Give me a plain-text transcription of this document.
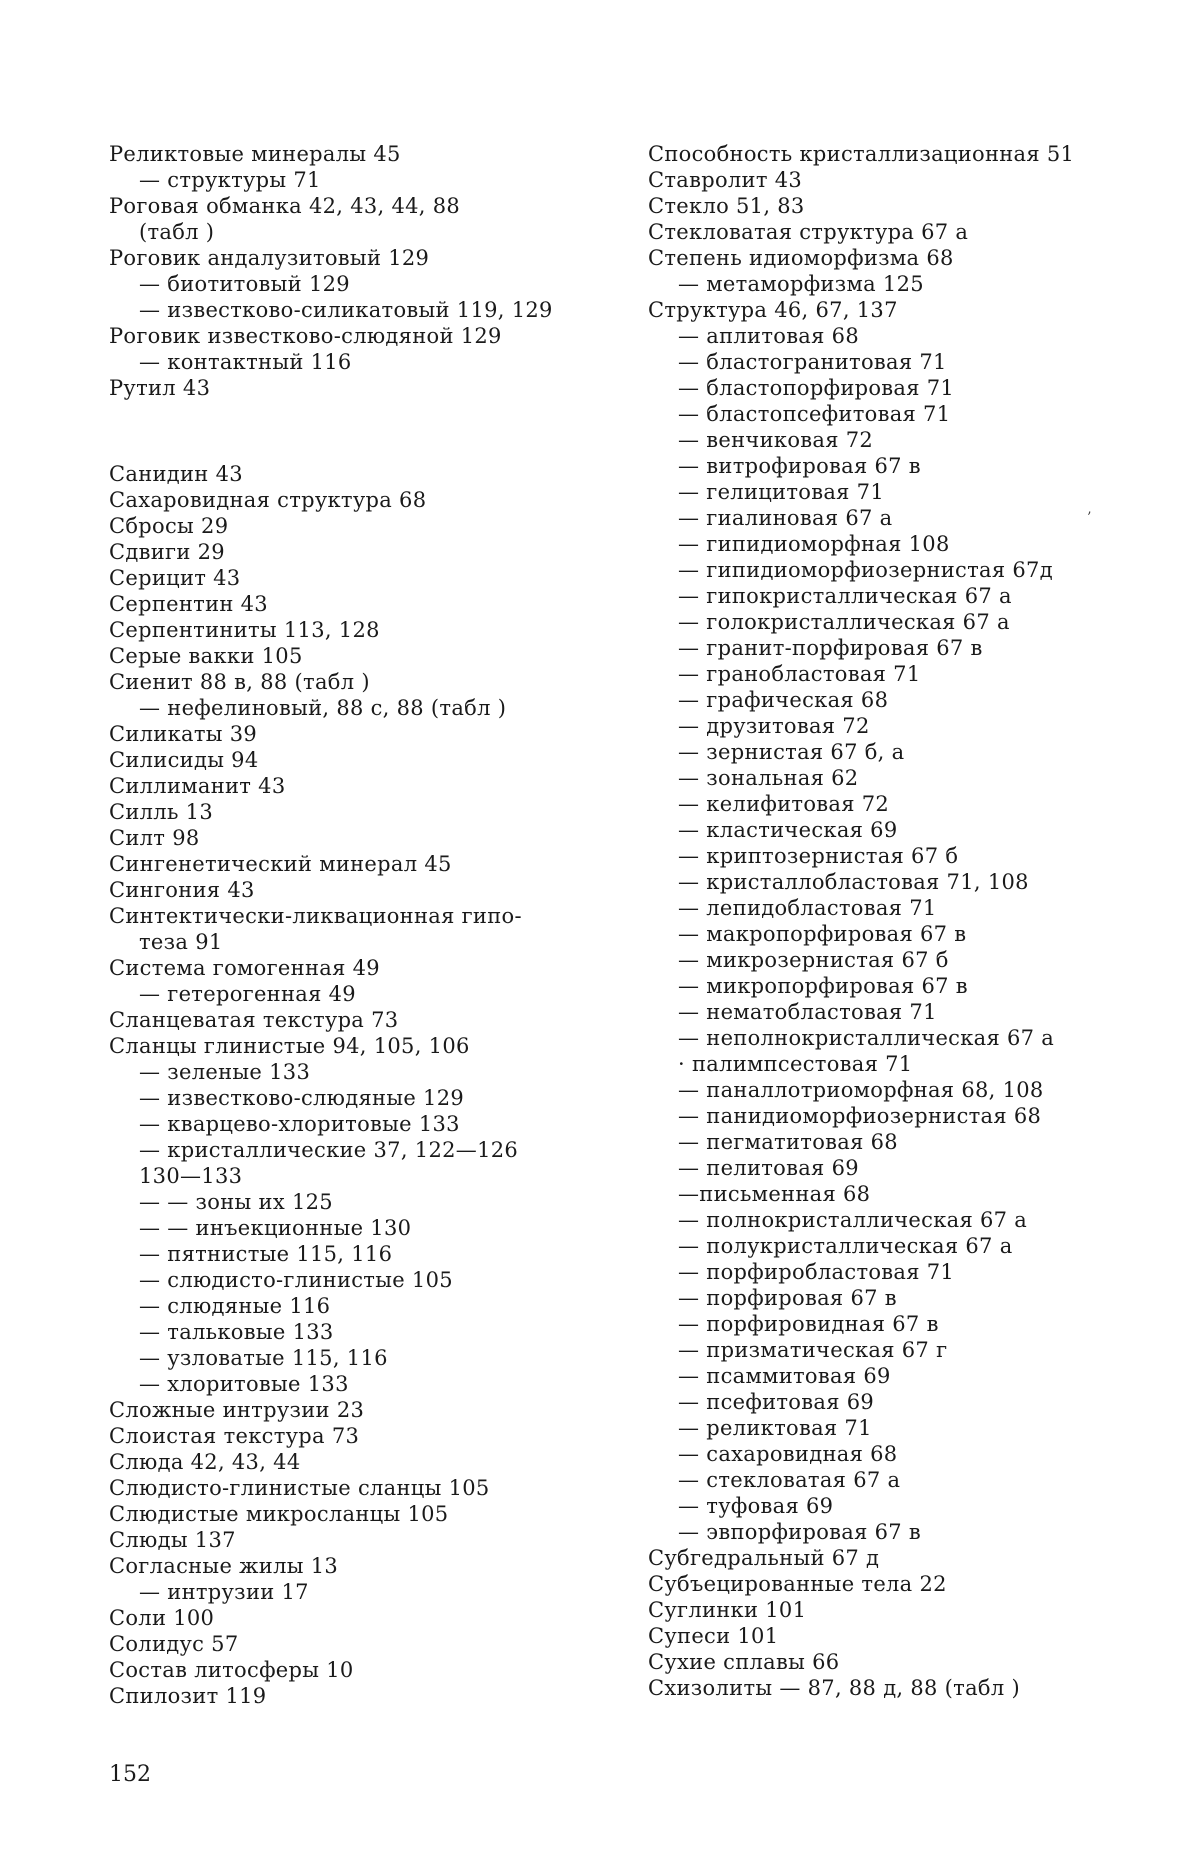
Реликтовые минералы 45
— структуры 71
Роговая обманка 42, 43, 44, 88
(табл )
Роговик андалузитовый 129
— биотитовый 129
— известково-силикатовый 119, 129
Роговик известково-слюдяной 129
— контактный 116
Рутил 43
Санидин 43
Сахаровидная структура 68
Сбросы 29
Сдвиги 29
Серицит 43
Серпентин 43
Серпентиниты 113, 128
Серые вакки 105
Сиенит 88 в, 88 (табл )
— нефелиновый, 88 с, 88 (табл )
Силикаты 39
Силисиды 94
Силлиманит 43
Силль 13
Силт 98
Сингенетический минерал 45
Сингония 43
Синтектически-ликвационная гипо-
теза 91
Система гомогенная 49
— гетерогенная 49
Сланцеватая текстура 73
Сланцы глинистые 94, 105, 106
— зеленые 133
— известково-слюдяные 129
— кварцево-хлоритовые 133
— кристаллические 37, 122—126
130—133
— — зоны их 125
— — инъекционные 130
— пятнистые 115, 116
— слюдисто-глинистые 105
— слюдяные 116
— тальковые 133
— узловатые 115, 116
— хлоритовые 133
Сложные интрузии 23
Слоистая текстура 73
Слюда 42, 43, 44
Слюдисто-глинистые сланцы 105
Слюдистые микросланцы 105
Слюды 137
Согласные жилы 13
— интрузии 17
Соли 100
Солидус 57
Состав литосферы 10
Спилозит 119
Способность кристаллизационная 51
Ставролит 43
Стекло 51, 83
Стекловатая структура 67 а
Степень идиоморфизма 68
— метаморфизма 125
Структура 46, 67, 137
— аплитовая 68
— бластогранитовая 71
— бластопорфировая 71
— бластопсефитовая 71
— венчиковая 72
— витрофировая 67 в
— гелицитовая 71
— гиалиновая 67 а
— гипидиоморфная 108
— гипидиоморфиозернистая 67д
— гипокристаллическая 67 а
— голокристаллическая 67 а
— гранит-порфировая 67 в
— гранобластовая 71
— графическая 68
— друзитовая 72
— зернистая 67 б, а
— зональная 62
— келифитовая 72
— кластическая 69
— криптозернистая 67 б
— кристаллобластовая 71, 108
— лепидобластовая 71
— макропорфировая 67 в
— микрозернистая 67 б
— микропорфировая 67 в
— нематобластовая 71
— неполнокристаллическая 67 а
· палимпсестовая 71
— паналлотриоморфная 68, 108
— панидиоморфиозернистая 68
— пегматитовая 68
— пелитовая 69
—письменная 68
— полнокристаллическая 67 а
— полукристаллическая 67 а
— порфиробластовая 71
— порфировая 67 в
— порфировидная 67 в
— призматическая 67 г
— псаммитовая 69
— псефитовая 69
— реликтовая 71
— сахаровидная 68
— стекловатая 67 а
— туфовая 69
— эвпорфировая 67 в
Субгедральный 67 д
Субъецированные тела 22
Суглинки 101
Супеси 101
Сухие сплавы 66
Схизолиты — 87, 88 д, 88 (табл )
’
152
